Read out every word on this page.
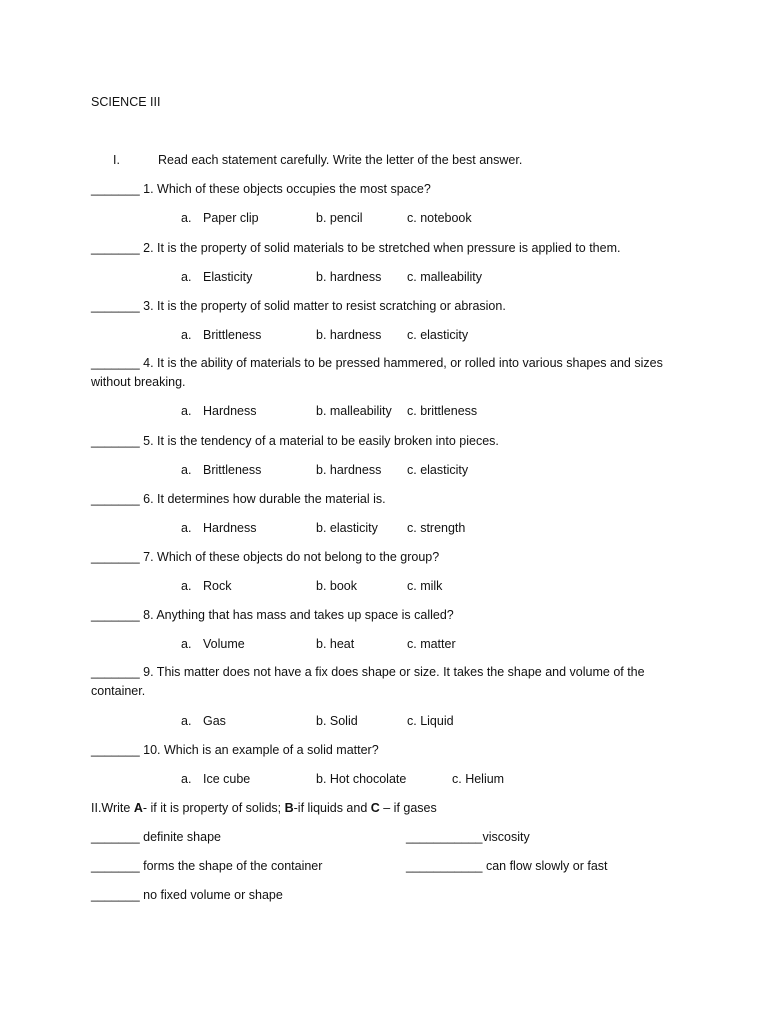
SCIENCE III
I.	Read each statement carefully. Write the letter of the best answer.
_______ 1. Which of these objects occupies the most space?
a. Paper clip	b. pencil	c. notebook
_______ 2. It is the property of solid materials to be stretched when pressure is applied to them.
a. Elasticity	b. hardness c. malleability
_______ 3. It is the property of solid matter to resist scratching or abrasion.
a. Brittleness	b. hardness c. elasticity
_______ 4. It is the ability of materials to be pressed hammered, or rolled into various shapes and sizes without breaking.
a. Hardness	b. malleability c. brittleness
_______ 5. It is the tendency of a material to be easily broken into pieces.
a. Brittleness	b. hardness c. elasticity
_______ 6. It determines how durable the material is.
a. Hardness	b. elasticity c. strength
_______ 7. Which of these objects do not belong to the group?
a. Rock	b. book	c. milk
_______ 8. Anything that has mass and takes up space is called?
a. Volume	b. heat	c. matter
_______ 9. This matter does not have a fix does shape or size. It takes the shape and volume of the container.
a. Gas	b. Solid	c. Liquid
_______ 10. Which is an example of a solid matter?
a. Ice cube	b. Hot chocolate	c. Helium
II.Write A- if it is property of solids; B-if liquids and C – if gases
_______ definite shape	___________viscosity
_______ forms the shape of the container	___________ can flow slowly or fast
_______ no fixed volume or shape
